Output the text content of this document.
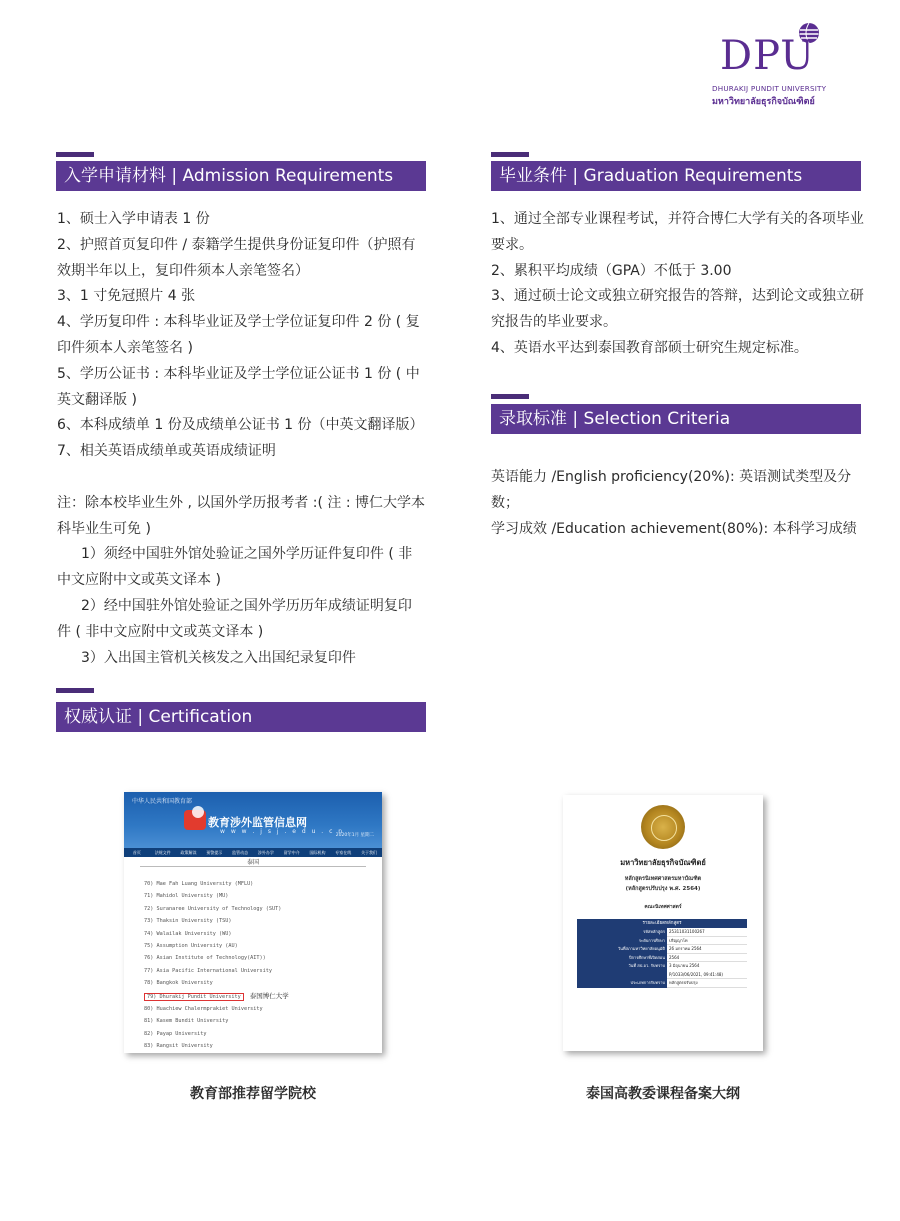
DPU
DHURAKIJ PUNDIT UNIVERSITY
มหาวิทยาลัยธุรกิจบัณฑิตย์
入学申请材料 | Admission Requirements

1、硕士入学申请表 1 份

2、护照首页复印件 / 泰籍学生提供身份证复印件（护照有

效期半年以上，复印件须本人亲笔签名）

3、1 寸免冠照片 4 张

4、学历复印件 : 本科毕业证及学士学位证复印件 2 份 ( 复

印件须本人亲笔签名 )

5、学历公证书 : 本科毕业证及学士学位证公证书 1 份 ( 中

英文翻译版 )

6、本科成绩单 1 份及成绩单公证书 1 份（中英文翻译版）

7、相关英语成绩单或英语成绩证明

注：除本校毕业生外 , 以国外学历报考者 :( 注 : 博仁大学本

科毕业生可免 )

1）须经中国驻外馆处验证之国外学历证件复印件 ( 非

中文应附中文或英文译本 )

2）经中国驻外馆处验证之国外学历历年成绩证明复印

件 ( 非中文应附中文或英文译本 )

3）入出国主管机关核发之入出国纪录复印件

毕业条件 | Graduation Requirements

1、通过全部专业课程考试，并符合博仁大学有关的各项毕业

要求。

2、累积平均成绩（GPA）不低于 3.00

3、通过硕士论文或独立研究报告的答辩，达到论文或独立研

究报告的毕业要求。

4、英语水平达到泰国教育部硕士研究生规定标准。

录取标准 | Selection Criteria

英语能力 /English proficiency(20%): 英语测试类型及分

数；

学习成效 /Education achievement(80%): 本科学习成绩

权威认证 | Certification
中华人民共和国教育部
教育涉外监管信息网
w w w . j s j . e d u . c n
2020年1月 星期二
首页	法规文件	政策解读	预警提示	监管动态	涉外办学	留学中介	国际机构	专家在线	关于我们
泰国
70) Mae Fah Luang University (MFLU)
71) Mahidol University (MU)
72) Suranaree University of Technology (SUT)
73) Thaksin University (TSU)
74) Walailak University (WU)
75) Assumption University (AU)
76) Asian Institute of Technology(AIT))
77) Asia Pacific International University
78) Bangkok University
79) Dhurakij Pundit University 泰国博仁大学
80) Huachiew Chalermprakiet University
81) Kasem Bundit University
82) Payap University
83) Rangsit University
教育部推荐留学院校
มหาวิทยาลัยธุรกิจบัณฑิตย์
หลักสูตรนิเทศศาสตรมหาบัณฑิต
(หลักสูตรปรับปรุง พ.ศ. 2564)
คณะนิเทศศาสตร์
รายละเอียดหลักสูตร
รหัสหลักสูตร	25311031100267
ระดับการศึกษา	ปริญญาโท
วันที่สภามหาวิทยาลัยอนุมัติ	26 มกราคม 2564
ปีการศึกษาที่เปิดสอน	2564
วันที่ สป.อว. รับทราบ	3 มิถุนายน 2564
P/1033/06/2021, 09:41:48)
ประเภทการรับทราบ	หลักสูตรปรับปรุง
泰国高教委课程备案大纲
